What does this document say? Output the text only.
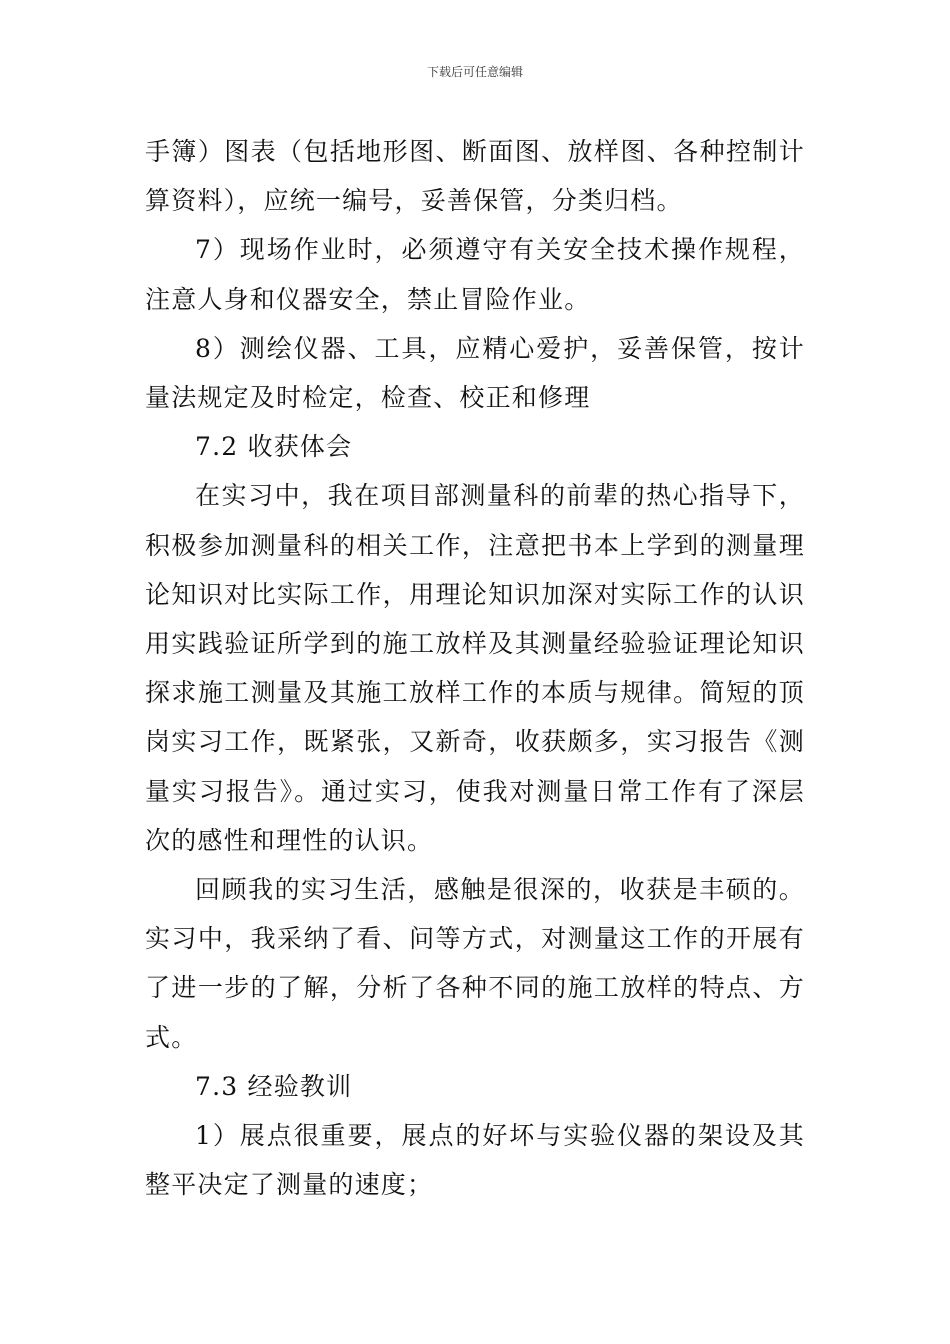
下载后可任意编辑

手簿）图表（包括地形图、断面图、放样图、各种控制计算资料），应统一编号，妥善保管，分类归档。

7）现场作业时，必须遵守有关安全技术操作规程，注意人身和仪器安全，禁止冒险作业。

8）测绘仪器、工具，应精心爱护，妥善保管，按计量法规定及时检定，检查、校正和修理

7.2 收获体会

在实习中，我在项目部测量科的前辈的热心指导下，积极参加测量科的相关工作，注意把书本上学到的测量理论知识对比实际工作，用理论知识加深对实际工作的认识用实践验证所学到的施工放样及其测量经验验证理论知识探求施工测量及其施工放样工作的本质与规律。简短的顶岗实习工作，既紧张，又新奇，收获颇多，实习报告《测量实习报告》。通过实习，使我对测量日常工作有了深层次的感性和理性的认识。

回顾我的实习生活，感触是很深的，收获是丰硕的。实习中，我采纳了看、问等方式，对测量这工作的开展有了进一步的了解，分析了各种不同的施工放样的特点、方式。

7.3 经验教训

1）展点很重要，展点的好坏与实验仪器的架设及其整平决定了测量的速度；
